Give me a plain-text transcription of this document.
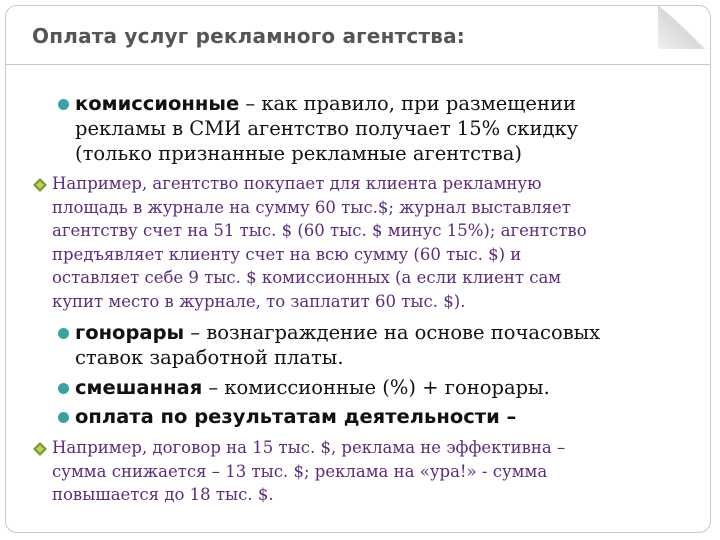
Оплата услуг рекламного агентства:
комиссионные – как правило, при размещении
рекламы в СМИ агентство получает 15% скидку
(только признанные рекламные агентства)
Например, агентство покупает для клиента рекламную
площадь в журнале на сумму 60 тыс.$; журнал выставляет
агентству счет на 51 тыс. $ (60 тыс. $ минус 15%); агентство
предъявляет клиенту счет на всю сумму (60 тыс. $) и
оставляет себе 9 тыс. $ комиссионных (а если клиент сам
купит место в журнале, то заплатит 60 тыс. $).
гонорары – вознаграждение на основе почасовых
ставок заработной платы.
смешанная – комиссионные (%) + гонорары.
оплата по результатам деятельности –
Например, договор на 15 тыс. $, реклама не эффективна –
сумма снижается – 13 тыс. $; реклама на «ура!» - сумма
повышается до 18 тыс. $.
